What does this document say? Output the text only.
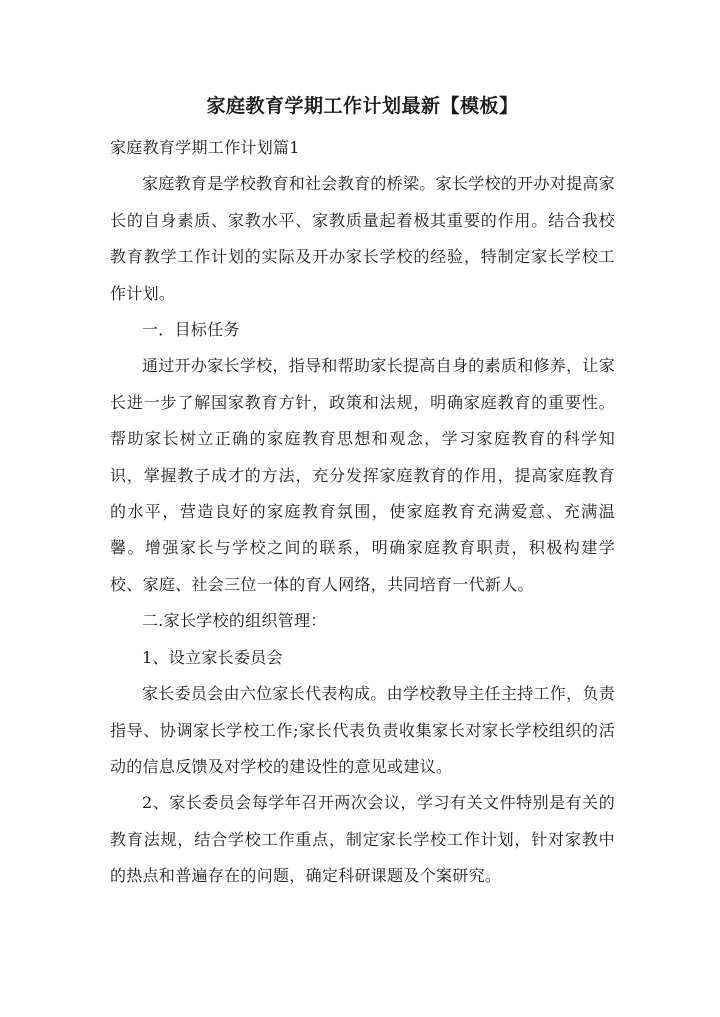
家庭教育学期工作计划最新【模板】

家庭教育学期工作计划篇1

家庭教育是学校教育和社会教育的桥梁。家长学校的开办对提高家长的自身素质、家教水平、家教质量起着极其重要的作用。结合我校教育教学工作计划的实际及开办家长学校的经验，特制定家长学校工作计划。

一．目标任务

通过开办家长学校，指导和帮助家长提高自身的素质和修养，让家长进一步了解国家教育方针，政策和法规，明确家庭教育的重要性。帮助家长树立正确的家庭教育思想和观念，学习家庭教育的科学知识，掌握教子成才的方法，充分发挥家庭教育的作用，提高家庭教育的水平，营造良好的家庭教育氛围，使家庭教育充满爱意、充满温馨。增强家长与学校之间的联系，明确家庭教育职责，积极构建学校、家庭、社会三位一体的育人网络，共同培育一代新人。

二.家长学校的组织管理：

1、设立家长委员会

家长委员会由六位家长代表构成。由学校教导主任主持工作，负责指导、协调家长学校工作;家长代表负责收集家长对家长学校组织的活动的信息反馈及对学校的建设性的意见或建议。

2、家长委员会每学年召开两次会议，学习有关文件特别是有关的教育法规，结合学校工作重点，制定家长学校工作计划，针对家教中的热点和普遍存在的问题，确定科研课题及个案研究。
